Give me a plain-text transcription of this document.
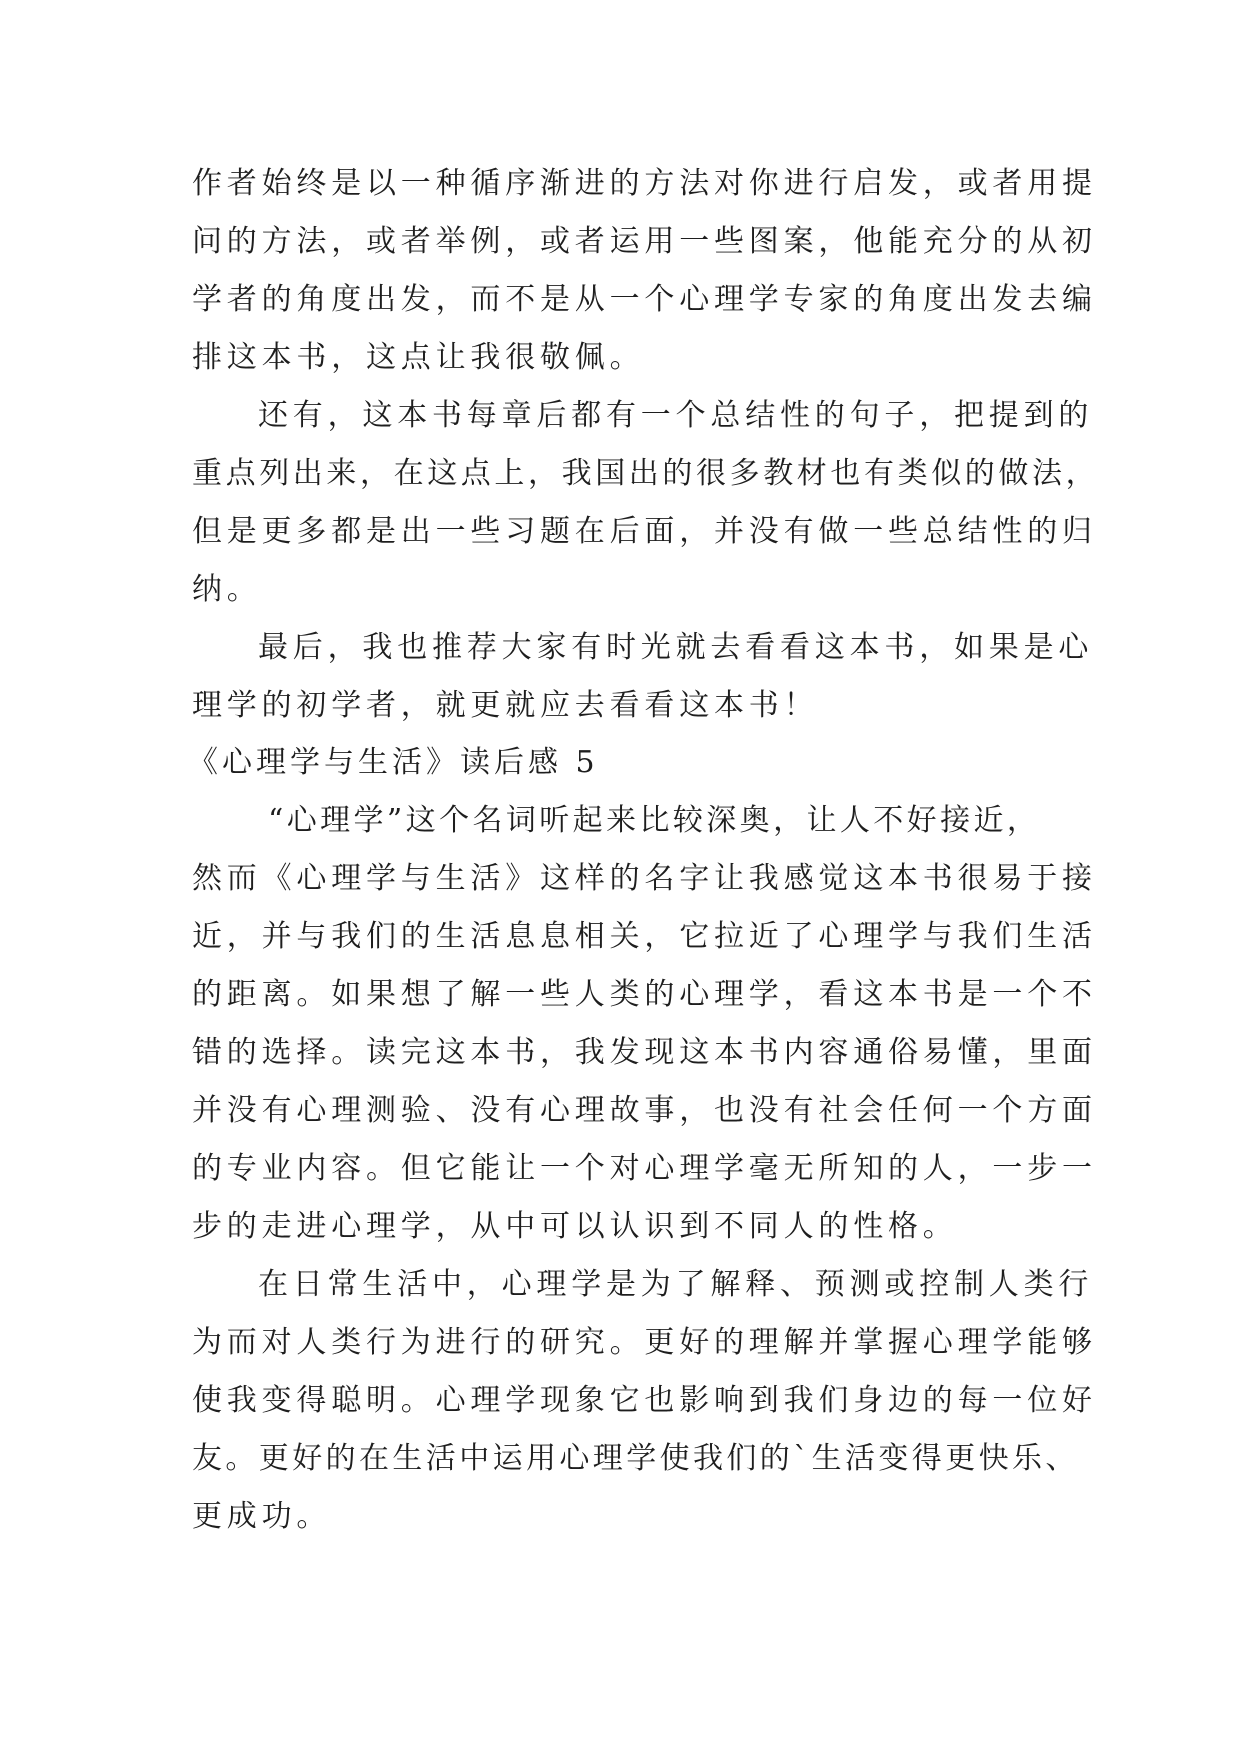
作者始终是以一种循序渐进的方法对你进行启发，或者用提
问的方法，或者举例，或者运用一些图案，他能充分的从初
学者的角度出发，而不是从一个心理学专家的角度出发去编
排这本书，这点让我很敬佩。
还有，这本书每章后都有一个总结性的句子，把提到的
重点列出来，在这点上，我国出的很多教材也有类似的做法，
但是更多都是出一些习题在后面，并没有做一些总结性的归
纳。
最后，我也推荐大家有时光就去看看这本书，如果是心
理学的初学者，就更就应去看看这本书！
《心理学与生活》读后感 5
“心理学”这个名词听起来比较深奥，让人不好接近，
然而《心理学与生活》这样的名字让我感觉这本书很易于接
近，并与我们的生活息息相关，它拉近了心理学与我们生活
的距离。如果想了解一些人类的心理学，看这本书是一个不
错的选择。读完这本书，我发现这本书内容通俗易懂，里面
并没有心理测验、没有心理故事，也没有社会任何一个方面
的专业内容。但它能让一个对心理学毫无所知的人，一步一
步的走进心理学，从中可以认识到不同人的性格。
在日常生活中，心理学是为了解释、预测或控制人类行
为而对人类行为进行的研究。更好的理解并掌握心理学能够
使我变得聪明。心理学现象它也影响到我们身边的每一位好
友。更好的在生活中运用心理学使我们的`生活变得更快乐、
更成功。
